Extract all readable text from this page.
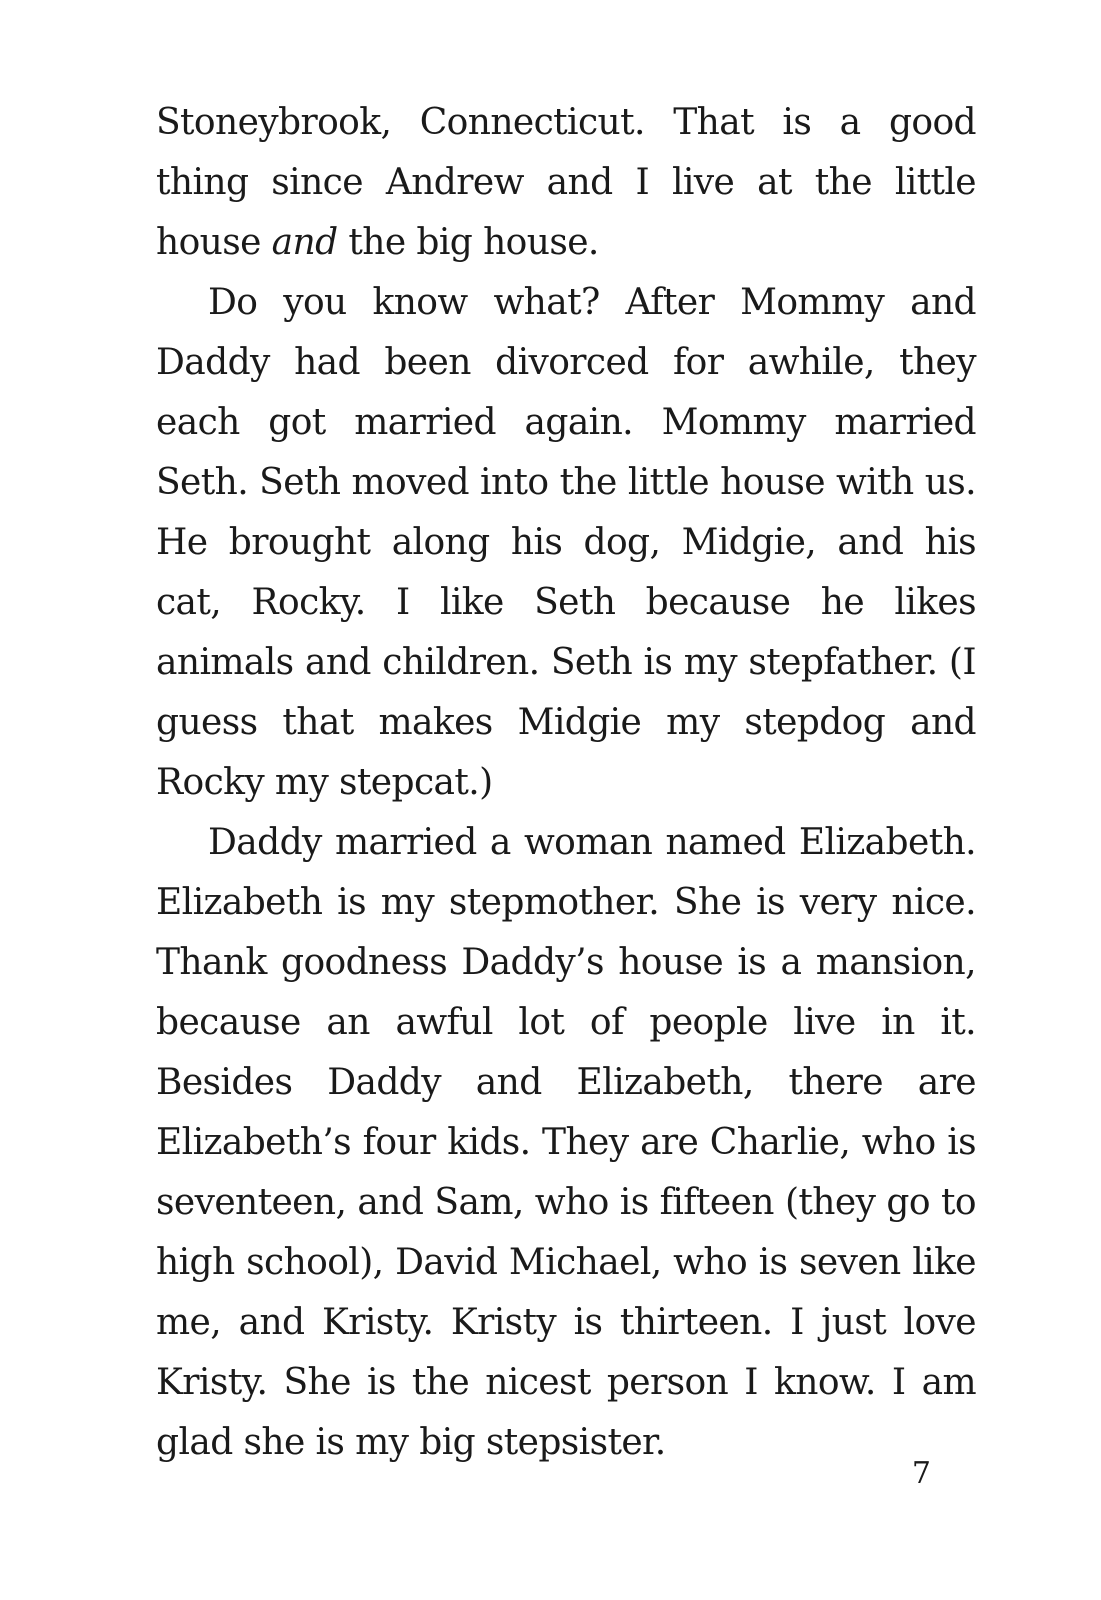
Stoneybrook, Connecticut. That is a good thing since Andrew and I live at the little house and the big house.

Do you know what? After Mommy and Daddy had been divorced for awhile, they each got married again. Mommy married Seth. Seth moved into the little house with us. He brought along his dog, Midgie, and his cat, Rocky. I like Seth because he likes animals and children. Seth is my stepfather. (I guess that makes Midgie my stepdog and Rocky my stepcat.)

Daddy married a woman named Elizabeth. Elizabeth is my stepmother. She is very nice. Thank goodness Daddy’s house is a mansion, because an awful lot of people live in it. Besides Daddy and Elizabeth, there are Elizabeth’s four kids. They are Charlie, who is seventeen, and Sam, who is fifteen (they go to high school), David Michael, who is seven like me, and Kristy. Kristy is thirteen. I just love Kristy. She is the nicest person I know. I am glad she is my big stepsister.

7
